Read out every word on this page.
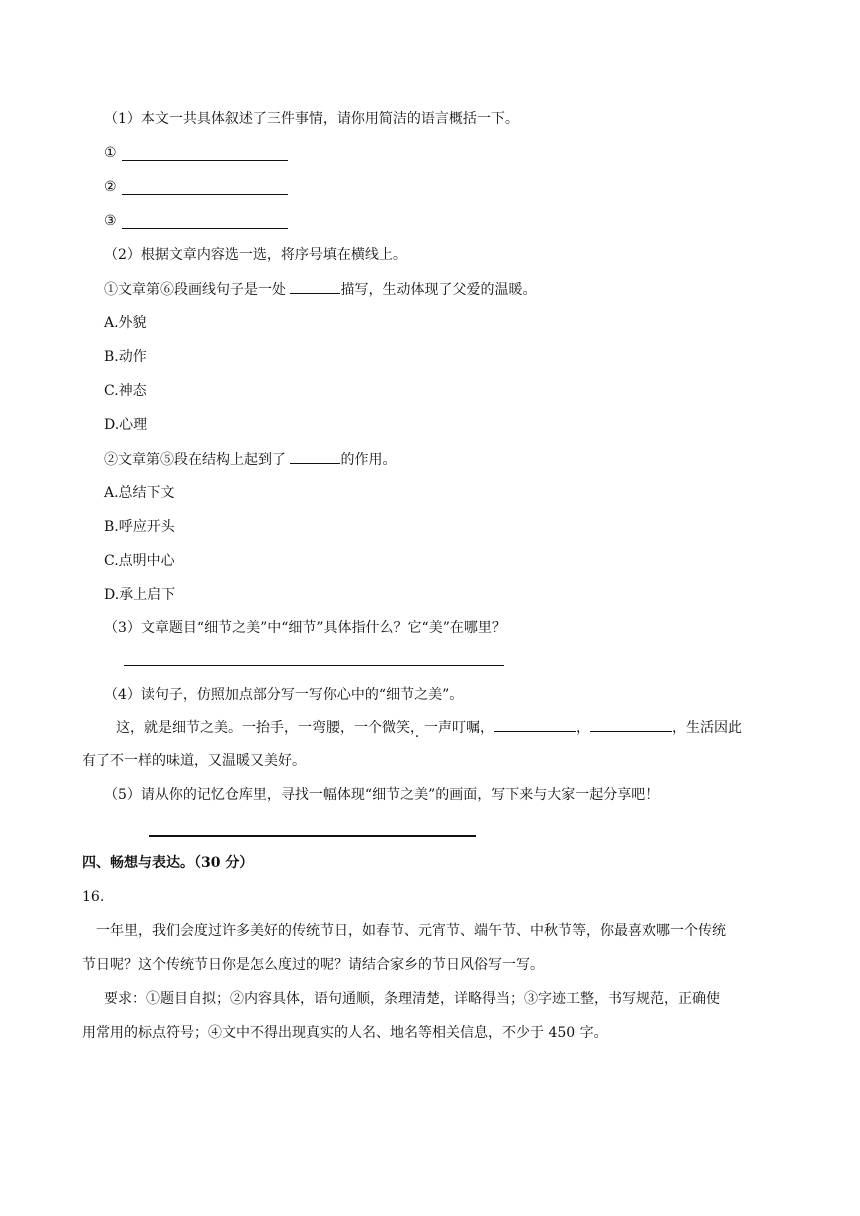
（1）本文一共具体叙述了三件事情，请你用简洁的语言概括一下。
①
②
③
（2）根据文章内容选一选，将序号填在横线上。
①文章第⑥段画线句子是一处	描写，生动体现了父爱的温暖。
A.外貌
B.动作
C.神态
D.心理
②文章第⑤段在结构上起到了	的作用。
A.总结下文
B.呼应开头
C.点明中心
D.承上启下
（3）文章题目“细节之美”中“细节”具体指什么？它“美”在哪里？
（4）读句子，仿照加点部分写一写你心中的“细节之美”。
这，就是细节之美。一抬手，一弯腰，一个微笑，一声叮嘱 ·，	，	，生活因此
有了不一样的味道，又温暖又美好。
（5）请从你的记忆仓库里，寻找一幅体现“细节之美”的画面，写下来与大家一起分享吧！
四、畅想与表达。（30 分）
16.
一年里，我们会度过许多美好的传统节日，如春节、元宵节、端午节、中秋节等，你最喜欢哪一个传统
节日呢？这个传统节日你是怎么度过的呢？请结合家乡的节日风俗写一写。
要求：①题目自拟；②内容具体，语句通顺，条理清楚，详略得当；③字迹工整，书写规范，正确使
用常用的标点符号；④文中不得出现真实的人名、地名等相关信息，不少于 450 字。
